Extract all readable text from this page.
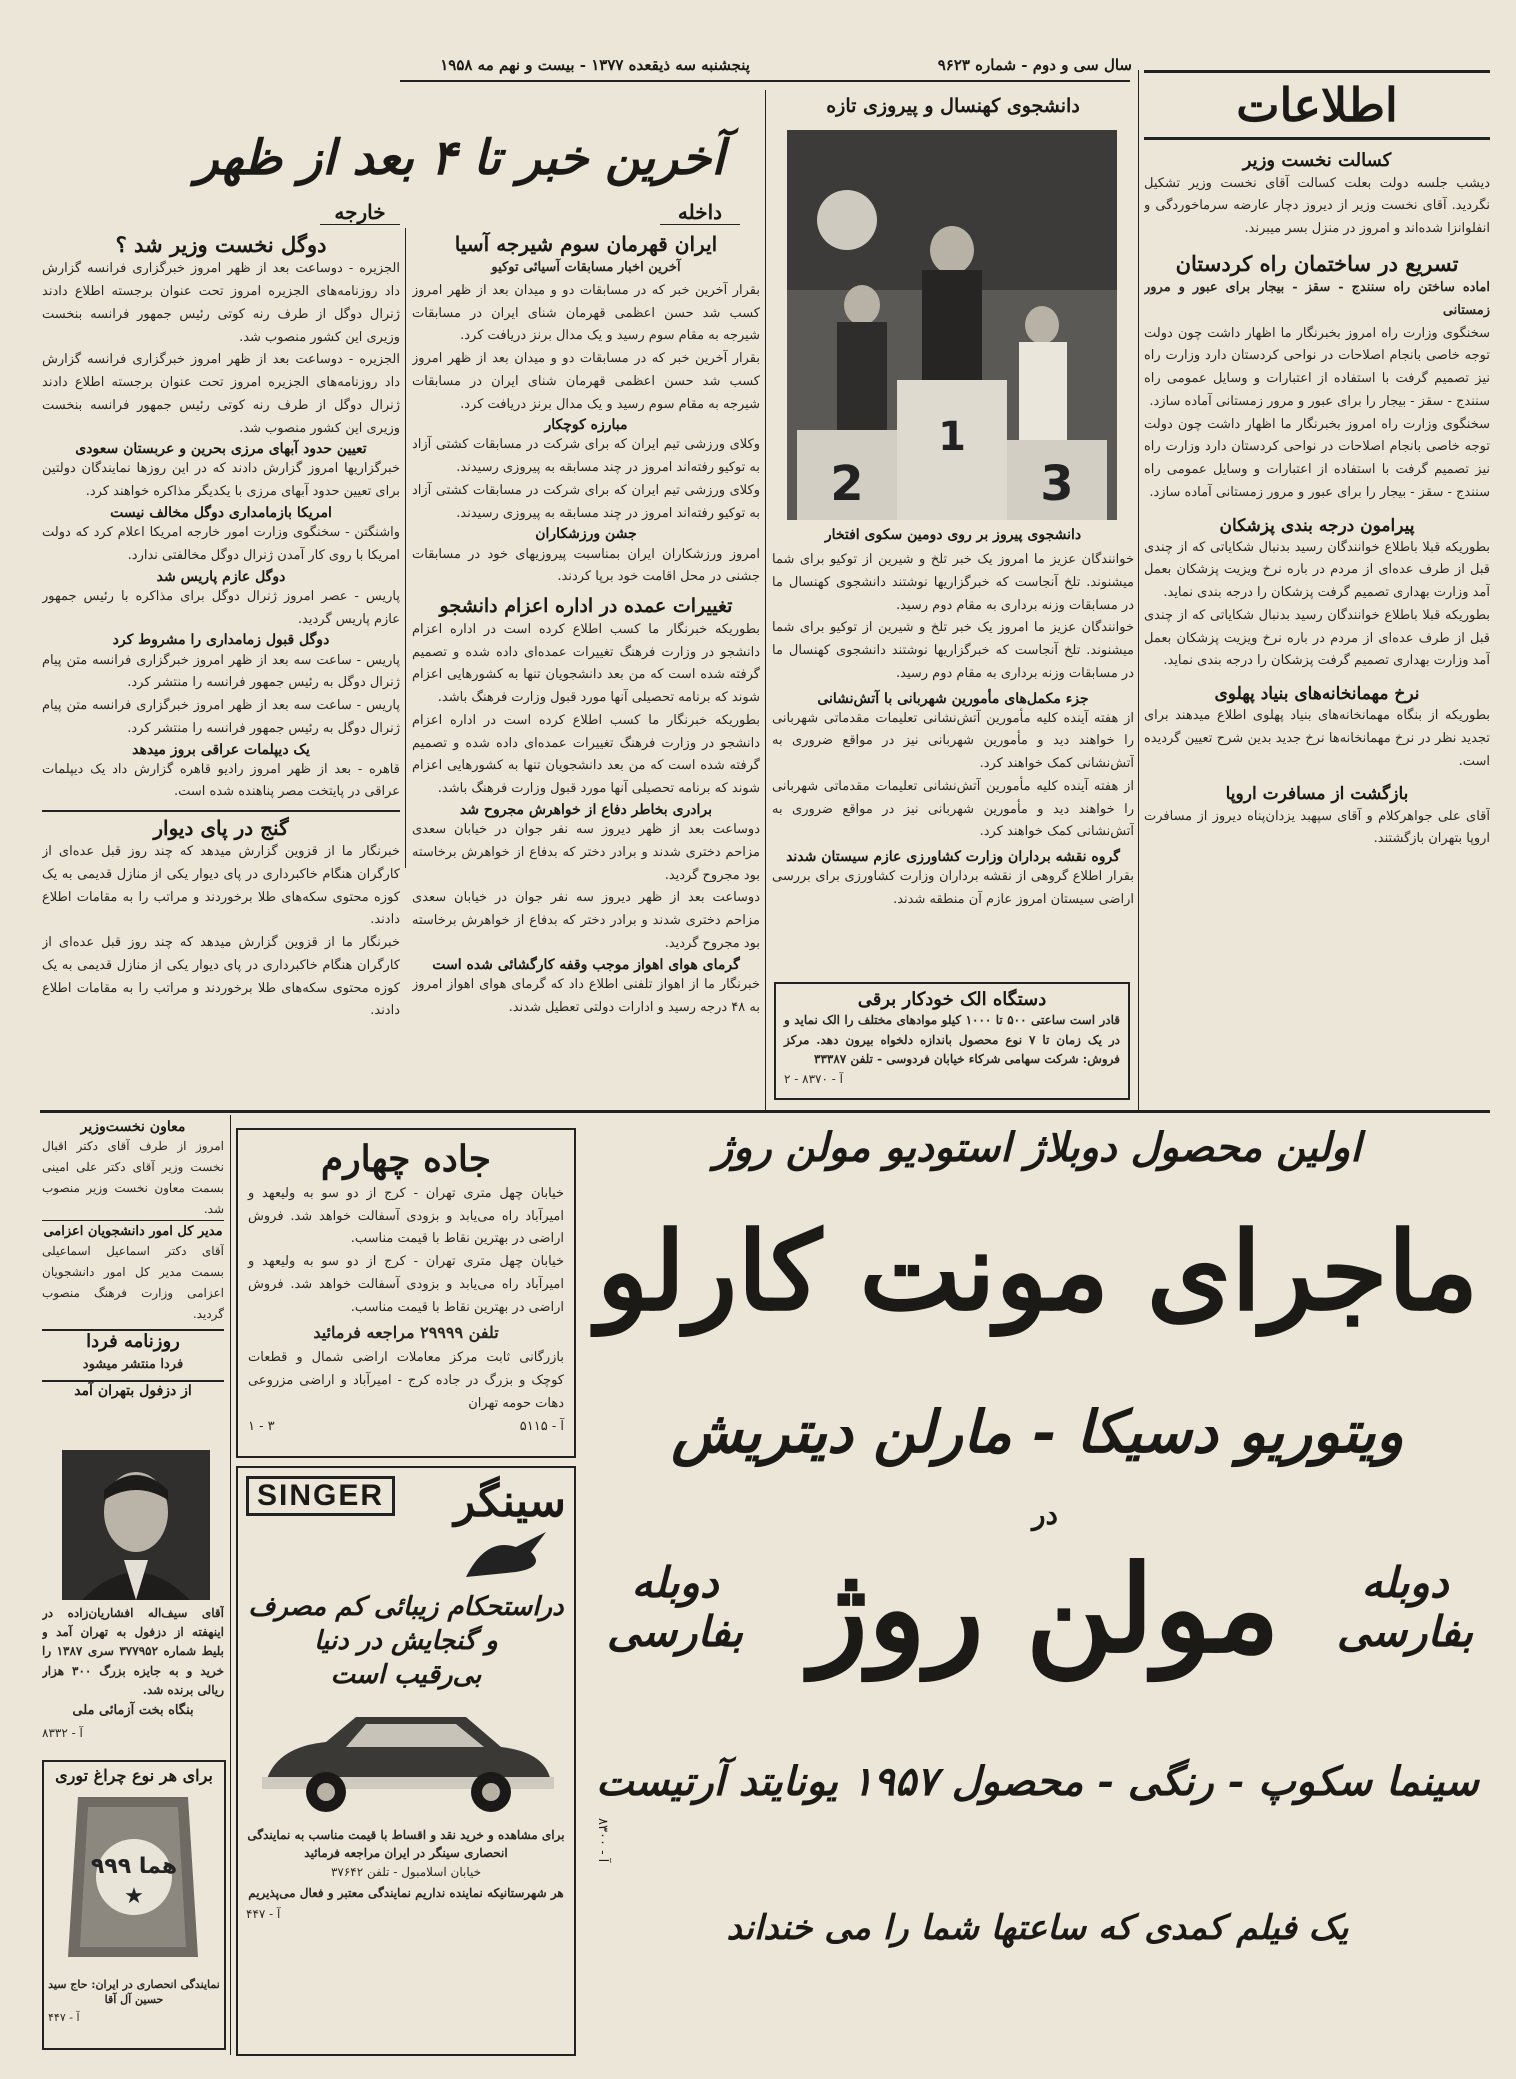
اطلاعات
سال سی و دوم - شماره ۹۶۲۳
پنجشنبه سه ذیقعده ۱۳۷۷ - بیست و نهم مه ۱۹۵۸
آخرین خبر تا ۴ بعد از ظهر
داخله
خارجه
کسالت نخست وزیر
دیشب جلسه دولت بعلت کسالت آقای نخست وزیر تشکیل نگردید. آقای نخست وزیر از دیروز دچار عارضه سرماخوردگی و انفلوانزا شده‌اند و امروز در منزل بسر میبرند.
تسریع در ساختمان راه کردستان
اماده ساختن راه سنندج - سقز - بیجار برای عبور و مرور زمستانی
سخنگوی وزارت راه امروز بخبرنگار ما اظهار داشت چون دولت توجه خاصی بانجام اصلاحات در نواحی کردستان دارد وزارت راه نیز تصمیم گرفت با استفاده از اعتبارات و وسایل عمومی راه سنندج - سقز - بیجار را برای عبور و مرور زمستانی آماده سازد.
سخنگوی وزارت راه امروز بخبرنگار ما اظهار داشت چون دولت توجه خاصی بانجام اصلاحات در نواحی کردستان دارد وزارت راه نیز تصمیم گرفت با استفاده از اعتبارات و وسایل عمومی راه سنندج - سقز - بیجار را برای عبور و مرور زمستانی آماده سازد.
پیرامون درجه بندی پزشکان
بطوریکه قبلا باطلاع خوانندگان رسید بدنبال شکایاتی که از چندی قبل از طرف عده‌ای از مردم در باره نرخ ویزیت پزشکان بعمل آمد وزارت بهداری تصمیم گرفت پزشکان را درجه بندی نماید.
بطوریکه قبلا باطلاع خوانندگان رسید بدنبال شکایاتی که از چندی قبل از طرف عده‌ای از مردم در باره نرخ ویزیت پزشکان بعمل آمد وزارت بهداری تصمیم گرفت پزشکان را درجه بندی نماید.
نرخ مهمانخانه‌های بنیاد پهلوی
بطوریکه از بنگاه مهمانخانه‌های بنیاد پهلوی اطلاع میدهند برای تجدید نظر در نرخ مهمانخانه‌ها نرخ جدید بدین شرح تعیین گردیده است.
بازگشت از مسافرت اروپا
آقای علی جواهرکلام و آقای سپهبد یزدان‌پناه دیروز از مسافرت اروپا بتهران بازگشتند.
دانشجوی کهنسال و پیروزی تازه
1
2	3
دانشجوی پیروز بر روی دومین سکوی افتخار
خوانندگان عزیز ما امروز یک خبر تلخ و شیرین از توکیو برای شما میشنوند. تلخ آنجاست که خبرگزاریها نوشتند دانشجوی کهنسال ما در مسابقات وزنه برداری به مقام دوم رسید.
خوانندگان عزیز ما امروز یک خبر تلخ و شیرین از توکیو برای شما میشنوند. تلخ آنجاست که خبرگزاریها نوشتند دانشجوی کهنسال ما در مسابقات وزنه برداری به مقام دوم رسید.
جزء مکمل‌های مأمورین شهربانی با آتش‌نشانی
از هفته آینده کلیه مأمورین آتش‌نشانی تعلیمات مقدماتی شهربانی را خواهند دید و مأمورین شهربانی نیز در مواقع ضروری به آتش‌نشانی کمک خواهند کرد.
از هفته آینده کلیه مأمورین آتش‌نشانی تعلیمات مقدماتی شهربانی را خواهند دید و مأمورین شهربانی نیز در مواقع ضروری به آتش‌نشانی کمک خواهند کرد.
گروه نقشه برداران وزارت کشاورزی عازم سیستان شدند
بقرار اطلاع گروهی از نقشه برداران وزارت کشاورزی برای بررسی اراضی سیستان امروز عازم آن منطقه شدند.
دستگاه الک خودکار برقی
قادر است ساعتی ۵۰۰ تا ۱۰۰۰ کیلو موادهای مختلف را الک نماید و در یک زمان تا ۷ نوع محصول باندازه دلخواه بیرون دهد. مرکز فروش: شرکت سهامی شرکاء خیابان فردوسی - تلفن ۳۳۳۸۷
آ - ۸۳۷۰ - ۲
ایران قهرمان سوم شیرجه آسیا
آخرین اخبار مسابقات آسیائی توکیو
بقرار آخرین خبر که در مسابقات دو و میدان بعد از ظهر امروز کسب شد حسن اعظمی قهرمان شنای ایران در مسابقات شیرجه به مقام سوم رسید و یک مدال برنز دریافت کرد.
بقرار آخرین خبر که در مسابقات دو و میدان بعد از ظهر امروز کسب شد حسن اعظمی قهرمان شنای ایران در مسابقات شیرجه به مقام سوم رسید و یک مدال برنز دریافت کرد.
مبارزه کوچکار
وکلای ورزشی تیم ایران که برای شرکت در مسابقات کشتی آزاد به توکیو رفته‌اند امروز در چند مسابقه به پیروزی رسیدند.
وکلای ورزشی تیم ایران که برای شرکت در مسابقات کشتی آزاد به توکیو رفته‌اند امروز در چند مسابقه به پیروزی رسیدند.
جشن ورزشکاران
امروز ورزشکاران ایران بمناسبت پیروزیهای خود در مسابقات جشنی در محل اقامت خود برپا کردند.
تغییرات عمده در اداره اعزام دانشجو
بطوریکه خبرنگار ما کسب اطلاع کرده است در اداره اعزام دانشجو در وزارت فرهنگ تغییرات عمده‌ای داده شده و تصمیم گرفته شده است که من بعد دانشجویان تنها به کشورهایی اعزام شوند که برنامه تحصیلی آنها مورد قبول وزارت فرهنگ باشد.
بطوریکه خبرنگار ما کسب اطلاع کرده است در اداره اعزام دانشجو در وزارت فرهنگ تغییرات عمده‌ای داده شده و تصمیم گرفته شده است که من بعد دانشجویان تنها به کشورهایی اعزام شوند که برنامه تحصیلی آنها مورد قبول وزارت فرهنگ باشد.
برادری بخاطر دفاع از خواهرش مجروح شد
دوساعت بعد از ظهر دیروز سه نفر جوان در خیابان سعدی مزاحم دختری شدند و برادر دختر که بدفاع از خواهرش برخاسته بود مجروح گردید.
دوساعت بعد از ظهر دیروز سه نفر جوان در خیابان سعدی مزاحم دختری شدند و برادر دختر که بدفاع از خواهرش برخاسته بود مجروح گردید.
گرمای هوای اهواز موجب وقفه کارگشائی شده است
خبرنگار ما از اهواز تلفنی اطلاع داد که گرمای هوای اهواز امروز به ۴۸ درجه رسید و ادارات دولتی تعطیل شدند.
دوگل نخست وزیر شد ؟
الجزیره - دوساعت بعد از ظهر امروز خبرگزاری فرانسه گزارش داد روزنامه‌های الجزیره امروز تحت عنوان برجسته اطلاع دادند ژنرال دوگل از طرف رنه کوتی رئیس جمهور فرانسه بنخست وزیری این کشور منصوب شد.
الجزیره - دوساعت بعد از ظهر امروز خبرگزاری فرانسه گزارش داد روزنامه‌های الجزیره امروز تحت عنوان برجسته اطلاع دادند ژنرال دوگل از طرف رنه کوتی رئیس جمهور فرانسه بنخست وزیری این کشور منصوب شد.
تعیین حدود آبهای مرزی بحرین و عربستان سعودی
خبرگزاریها امروز گزارش دادند که در این روزها نمایندگان دولتین برای تعیین حدود آبهای مرزی با یکدیگر مذاکره خواهند کرد.
امریکا بازمامداری دوگل مخالف نیست
واشنگتن - سخنگوی وزارت امور خارجه امریکا اعلام کرد که دولت امریکا با روی کار آمدن ژنرال دوگل مخالفتی ندارد.
دوگل عازم پاریس شد
پاریس - عصر امروز ژنرال دوگل برای مذاکره با رئیس جمهور عازم پاریس گردید.
دوگل قبول زمامداری را مشروط کرد
پاریس - ساعت سه بعد از ظهر امروز خبرگزاری فرانسه متن پیام ژنرال دوگل به رئیس جمهور فرانسه را منتشر کرد.
پاریس - ساعت سه بعد از ظهر امروز خبرگزاری فرانسه متن پیام ژنرال دوگل به رئیس جمهور فرانسه را منتشر کرد.
یک دیپلمات عراقی بروز میدهد
قاهره - بعد از ظهر امروز رادیو قاهره گزارش داد یک دیپلمات عراقی در پایتخت مصر پناهنده شده است.
گنج در پای دیوار
خبرنگار ما از قزوین گزارش میدهد که چند روز قبل عده‌ای از کارگران هنگام خاکبرداری در پای دیوار یکی از منازل قدیمی به یک کوزه محتوی سکه‌های طلا برخوردند و مراتب را به مقامات اطلاع دادند.
خبرنگار ما از قزوین گزارش میدهد که چند روز قبل عده‌ای از کارگران هنگام خاکبرداری در پای دیوار یکی از منازل قدیمی به یک کوزه محتوی سکه‌های طلا برخوردند و مراتب را به مقامات اطلاع دادند.
معاون نخست‌وزیر
امروز از طرف آقای دکتر اقبال نخست وزیر آقای دکتر علی امینی بسمت معاون نخست وزیر منصوب شد.
مدیر کل امور دانشجویان اعزامی
آقای دکتر اسماعیل اسماعیلی بسمت مدیر کل امور دانشجویان اعزامی وزارت فرهنگ منصوب گردید.
روزنامه فردا
فردا منتشر میشود
از دزفول بتهران آمد
آقای سیف‌اله افشاریان‌زاده در اینهفته از دزفول به تهران آمد و بلیط شماره ۳۷۷۹۵۲ سری ۱۳۸۷ را خرید و به جایزه بزرگ ۳۰۰ هزار ریالی برنده شد.
بنگاه بخت آزمائی ملی
آ - ۸۳۳۲
برای هر نوع چراغ توری
هما ۹۹۹
★
نمایندگی انحصاری در ایران: حاج سید حسین آل آقا
آ - ۴۴۷
جاده چهارم
خیابان چهل متری تهران - کرج از دو سو به ولیعهد و امیرآباد راه می‌یابد و بزودی آسفالت خواهد شد. فروش اراضی در بهترین نقاط با قیمت مناسب.
خیابان چهل متری تهران - کرج از دو سو به ولیعهد و امیرآباد راه می‌یابد و بزودی آسفالت خواهد شد. فروش اراضی در بهترین نقاط با قیمت مناسب.
تلفن ۲۹۹۹۹ مراجعه فرمائید
بازرگانی ثابت مرکز معاملات اراضی شمال و قطعات کوچک و بزرگ در جاده کرج - امیرآباد و اراضی مزروعی دهات حومه تهران
۳ - ۱	آ - ۵۱۱۵
SINGER سینگر
دراستحکام زیبائی کم مصرف
و گنجایش در دنیا
بی‌رقیب است
برای مشاهده و خرید نقد و اقساط با قیمت مناسب به نمایندگی انحصاری سینگر در ایران مراجعه فرمائید
خیابان اسلامبول - تلفن ۳۷۶۴۲
هر شهرستانیکه نماینده نداریم نمایندگی معتبر و فعال می‌پذیریم
آ - ۴۴۷
اولین محصول دوبلاژ استودیو مولن روژ
ماجرای مونت کارلو
ویتوریو دسیکا - مارلن دیتریش
در
دوبله
بفارسی
دوبله
بفارسی مولن روژ
سینما سکوپ - رنگی - محصول ۱۹۵۷ یونایتد آرتیست
یک فیلم کمدی که ساعتها شما را می خنداند
آ - ۸۳۰۰
